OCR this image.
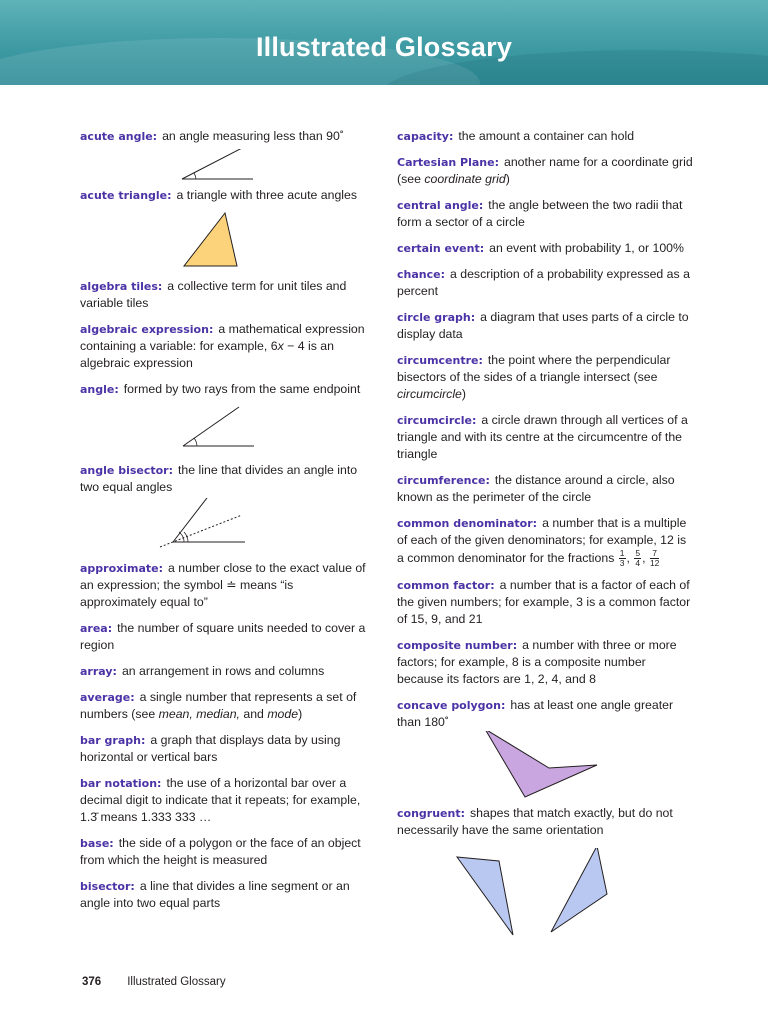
Illustrated Glossary
acute angle: an angle measuring less than 90˚
acute triangle: a triangle with three acute angles
algebra tiles: a collective term for unit tiles and variable tiles
algebraic expression: a mathematical expression containing a variable: for example, 6x − 4 is an algebraic expression
angle: formed by two rays from the same endpoint
angle bisector: the line that divides an angle into two equal angles
approximate: a number close to the exact value of an expression; the symbol ≐ means “is approximately equal to”
area: the number of square units needed to cover a region
array: an arrangement in rows and columns
average: a single number that represents a set of numbers (see mean, median, and mode)
bar graph: a graph that displays data by using horizontal or vertical bars
bar notation: the use of a horizontal bar over a decimal digit to indicate that it repeats; for example, 1.3̄ means 1.333 333 …
base: the side of a polygon or the face of an object from which the height is measured
bisector: a line that divides a line segment or an angle into two equal parts
capacity: the amount a container can hold
Cartesian Plane: another name for a coordinate grid (see coordinate grid)
central angle: the angle between the two radii that form a sector of a circle
certain event: an event with probability 1, or 100%
chance: a description of a probability expressed as a percent
circle graph: a diagram that uses parts of a circle to display data
circumcentre: the point where the perpendicular bisectors of the sides of a triangle intersect (see circumcircle)
circumcircle: a circle drawn through all vertices of a triangle and with its centre at the circumcentre of the triangle
circumference: the distance around a circle, also known as the perimeter of the circle
common denominator: a number that is a multiple of each of the given denominators; for example, 12 is a common denominator for the fractions $\frac{1}{3}$ , $\frac{5}{4}$ , $\frac{7}{12}$
common factor: a number that is a factor of each of the given numbers; for example, 3 is a common factor of 15, 9, and 21
composite number: a number with three or more factors; for example, 8 is a composite number because its factors are 1, 2, 4, and 8
concave polygon: has at least one angle greater than 180˚
congruent: shapes that match exactly, but do not necessarily have the same orientation
376 Illustrated Glossary
